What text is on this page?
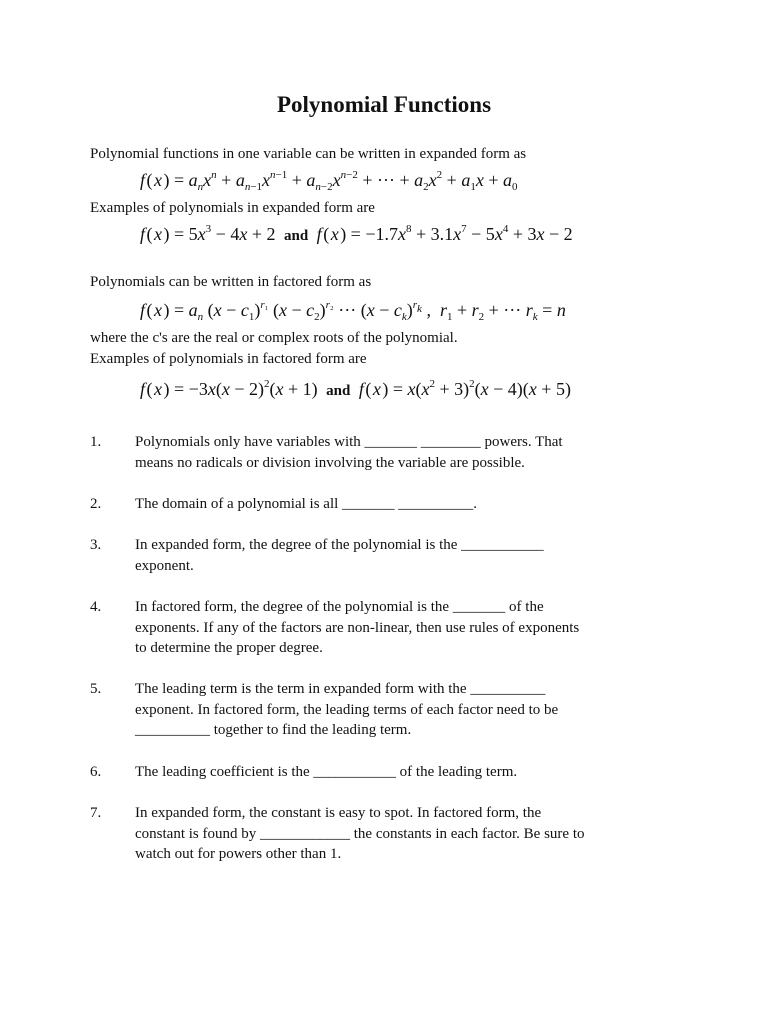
Polynomial Functions
Polynomial functions in one variable can be written in expanded form as
f ( x ) = $a_nx^n + a_{n-1}x^{n-1} + a_{n-2}x^{n-2}$ + ··· + $a_2x^2 + a_1x + a_0$
Examples of polynomials in expanded form are
f ( x ) = $5x^3 - 4x + 2$ and f ( x ) = $-1.7x^8 + 3.1x^7 - 5x^4 + 3x - 2$
Polynomials can be written in factored form as
f ( x ) = $a_n$ $(x - c_1)^{r_1}$ $(x - c_2)^{r_2}$ ··· $(x - c_k)^{r_k}$ ,  $r_1 + r_2$ + ··· $r_k = n$
where the c's are the real or complex roots of the polynomial.
Examples of polynomials in factored form are
f ( x ) = $-3x(x - 2)^2(x + 1)$ and f ( x ) = $x(x^2 + 3)^2(x - 4)(x + 5)$
1. Polynomials only have variables with _______ ________ powers. That
means no radicals or division involving the variable are possible.
2. The domain of a polynomial is all _______ __________.
3. In expanded form, the degree of the polynomial is the ___________
exponent.
4. In factored form, the degree of the polynomial is the _______ of the
exponents. If any of the factors are non-linear, then use rules of exponents
to determine the proper degree.
5. The leading term is the term in expanded form with the __________
exponent. In factored form, the leading terms of each factor need to be
__________ together to find the leading term.
6. The leading coefficient is the ___________ of the leading term.
7. In expanded form, the constant is easy to spot. In factored form, the
constant is found by ____________ the constants in each factor. Be sure to
watch out for powers other than 1.
